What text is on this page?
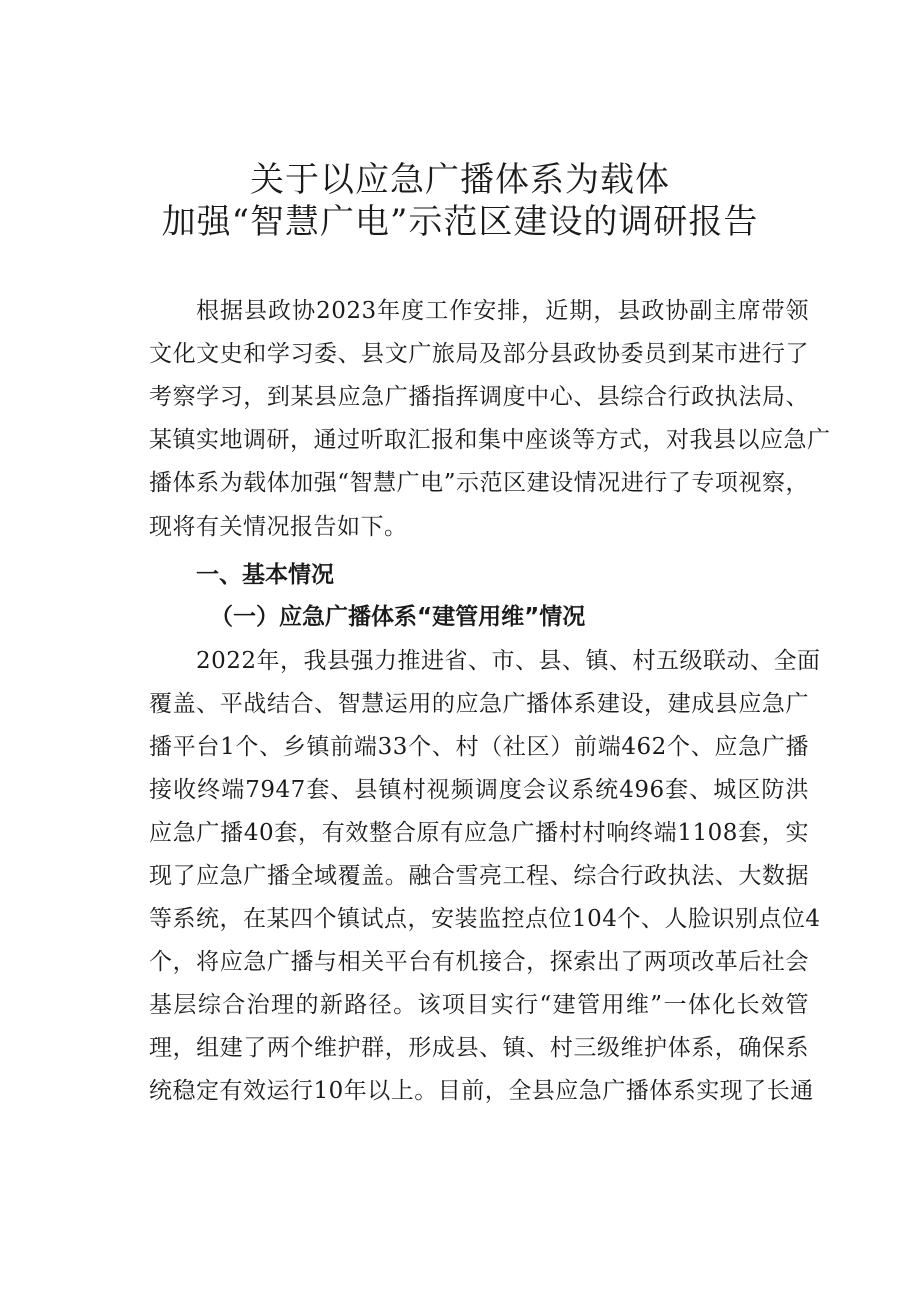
关于以应急广播体系为载体
加强“智慧广电”示范区建设的调研报告
根据县政协2023年度工作安排，近期，县政协副主席带领
文化文史和学习委、县文广旅局及部分县政协委员到某市进行了
考察学习，到某县应急广播指挥调度中心、县综合行政执法局、
某镇实地调研，通过听取汇报和集中座谈等方式，对我县以应急广
播体系为载体加强“智慧广电”示范区建设情况进行了专项视察，
现将有关情况报告如下。
一、基本情况
（一）应急广播体系“建管用维”情况
2022年，我县强力推进省、市、县、镇、村五级联动、全面
覆盖、平战结合、智慧运用的应急广播体系建设，建成县应急广
播平台1个、乡镇前端33个、村（社区）前端462个、应急广播
接收终端7947套、县镇村视频调度会议系统496套、城区防洪
应急广播40套，有效整合原有应急广播村村响终端1108套，实
现了应急广播全域覆盖。融合雪亮工程、综合行政执法、大数据
等系统，在某四个镇试点，安装监控点位104个、人脸识别点位4
个，将应急广播与相关平台有机接合，探索出了两项改革后社会
基层综合治理的新路径。该项目实行“建管用维”一体化长效管
理，组建了两个维护群，形成县、镇、村三级维护体系，确保系
统稳定有效运行10年以上。目前，全县应急广播体系实现了长通
